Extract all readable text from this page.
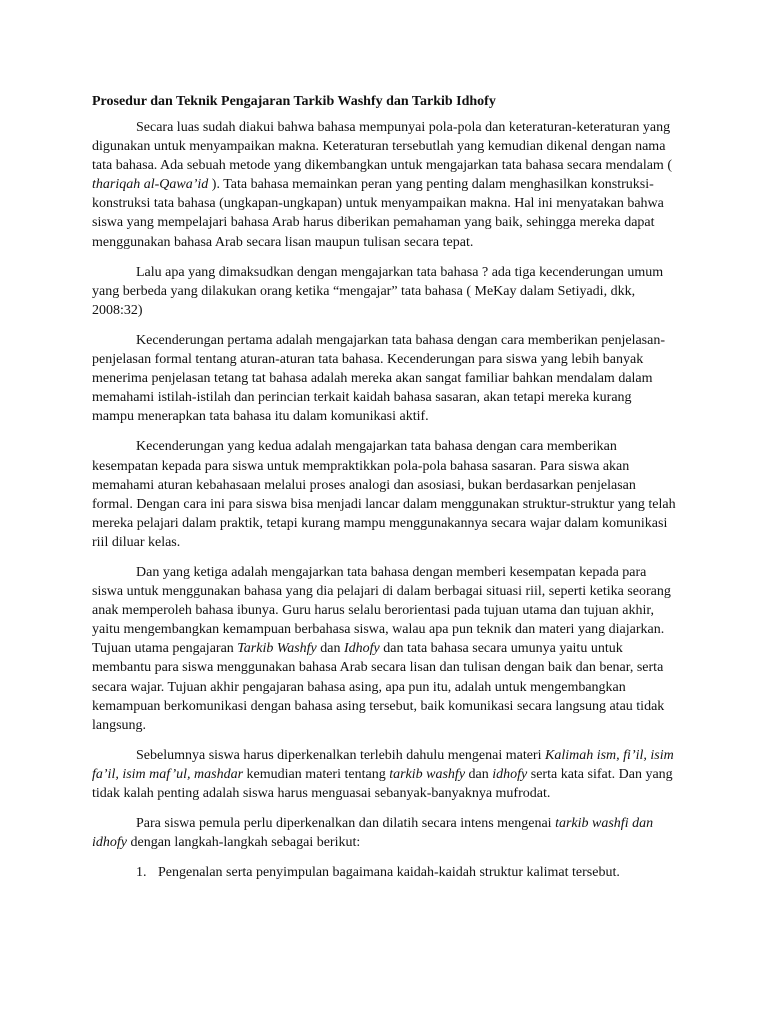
Prosedur dan Teknik Pengajaran Tarkib Washfy dan Tarkib Idhofy

Secara luas sudah diakui bahwa bahasa mempunyai pola-pola dan keteraturan-keteraturan yang digunakan untuk menyampaikan makna. Keteraturan tersebutlah yang kemudian dikenal dengan nama tata bahasa. Ada sebuah metode yang dikembangkan untuk mengajarkan tata bahasa secara mendalam ( thariqah al-Qawa’id ). Tata bahasa memainkan peran yang penting dalam menghasilkan konstruksi-konstruksi tata bahasa (ungkapan-ungkapan) untuk menyampaikan makna. Hal ini menyatakan bahwa siswa yang mempelajari bahasa Arab harus diberikan pemahaman yang baik, sehingga mereka dapat menggunakan bahasa Arab secara lisan maupun tulisan secara tepat.

Lalu apa yang dimaksudkan dengan mengajarkan tata bahasa ? ada tiga kecenderungan umum yang berbeda yang dilakukan orang ketika “mengajar” tata bahasa ( MeKay dalam Setiyadi, dkk, 2008:32)

Kecenderungan pertama adalah mengajarkan tata bahasa dengan cara memberikan penjelasan-penjelasan formal tentang aturan-aturan tata bahasa. Kecenderungan para siswa yang lebih banyak menerima penjelasan tetang tat bahasa adalah mereka akan sangat familiar bahkan mendalam dalam memahami istilah-istilah dan perincian terkait kaidah bahasa sasaran, akan tetapi mereka kurang mampu menerapkan tata bahasa itu dalam komunikasi aktif.

Kecenderungan yang kedua adalah mengajarkan tata bahasa dengan cara memberikan kesempatan kepada para siswa untuk mempraktikkan pola-pola bahasa sasaran. Para siswa akan memahami aturan kebahasaan melalui proses analogi dan asosiasi, bukan berdasarkan penjelasan formal. Dengan cara ini para siswa bisa menjadi lancar dalam menggunakan struktur-struktur yang telah mereka pelajari dalam praktik, tetapi kurang mampu menggunakannya secara wajar dalam komunikasi riil diluar kelas.

Dan yang ketiga adalah mengajarkan tata bahasa dengan memberi kesempatan kepada para siswa untuk menggunakan bahasa yang dia pelajari di dalam berbagai situasi riil, seperti ketika seorang anak memperoleh bahasa ibunya. Guru harus selalu berorientasi pada tujuan utama dan tujuan akhir, yaitu mengembangkan kemampuan berbahasa siswa, walau apa pun teknik dan materi yang diajarkan. Tujuan utama pengajaran Tarkib Washfy dan Idhofy dan tata bahasa secara umunya yaitu untuk membantu para siswa menggunakan bahasa Arab secara lisan dan tulisan dengan baik dan benar, serta secara wajar. Tujuan akhir pengajaran bahasa asing, apa pun itu, adalah untuk mengembangkan kemampuan berkomunikasi dengan bahasa asing tersebut, baik komunikasi secara langsung atau tidak langsung.

Sebelumnya siswa harus diperkenalkan terlebih dahulu mengenai materi Kalimah ism, fi’il, isim fa’il, isim maf’ul, mashdar kemudian materi tentang tarkib washfy dan idhofy serta kata sifat. Dan yang tidak kalah penting adalah siswa harus menguasai sebanyak-banyaknya mufrodat.

Para siswa pemula perlu diperkenalkan dan dilatih secara intens mengenai tarkib washfi dan idhofy dengan langkah-langkah sebagai berikut:

1. Pengenalan serta penyimpulan bagaimana kaidah-kaidah struktur kalimat tersebut.
